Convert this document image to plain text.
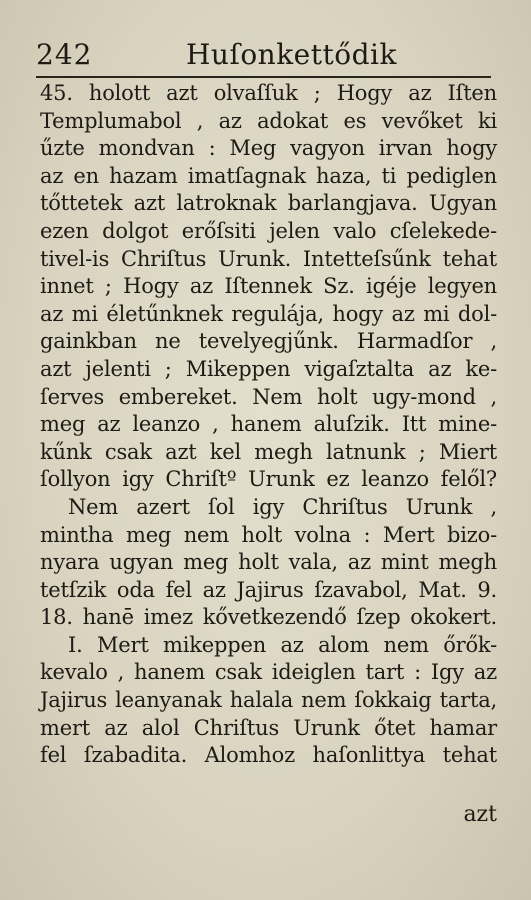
242	Huſonkettődik
45. holott azt olvaſſuk ; Hogy az Iſten
Templumabol , az adokat es vevőket ki
űzte mondvan : Meg vagyon irvan hogy
az en hazam imatſagnak haza, ti pediglen
tőttetek azt latroknak barlangjava. Ugyan
ezen dolgot erőſsiti jelen valo cſelekede-
tivel-is Chriſtus Urunk. Intetteſsűnk tehat
innet ; Hogy az Iſtennek Sz. igéje legyen
az mi életűnknek regulája, hogy az mi dol-
gainkban ne tevelyegjűnk. Harmadſor ,
azt jelenti ; Mikeppen vigaſztalta az ke-
ſerves embereket. Nem holt ugy-mond ,
meg az leanzo , hanem aluſzik. Itt mine-
kűnk csak azt kel megh latnunk ; Miert
ſollyon igy Chriſtº Urunk ez leanzo felől?
Nem azert ſol igy Chriſtus Urunk ,
mintha meg nem holt volna : Mert bizo-
nyara ugyan meg holt vala, az mint megh
tetſzik oda fel az Jajirus ſzavabol, Mat. 9.
18. hanē imez kővetkezendő ſzep okokert.
I. Mert mikeppen az alom nem őrők-
kevalo , hanem csak ideiglen tart : Igy az
Jajirus leanyanak halala nem ſokkaig tarta,
mert az alol Chriſtus Urunk őtet hamar
fel ſzabadita. Alomhoz haſonlittya tehat
azt
